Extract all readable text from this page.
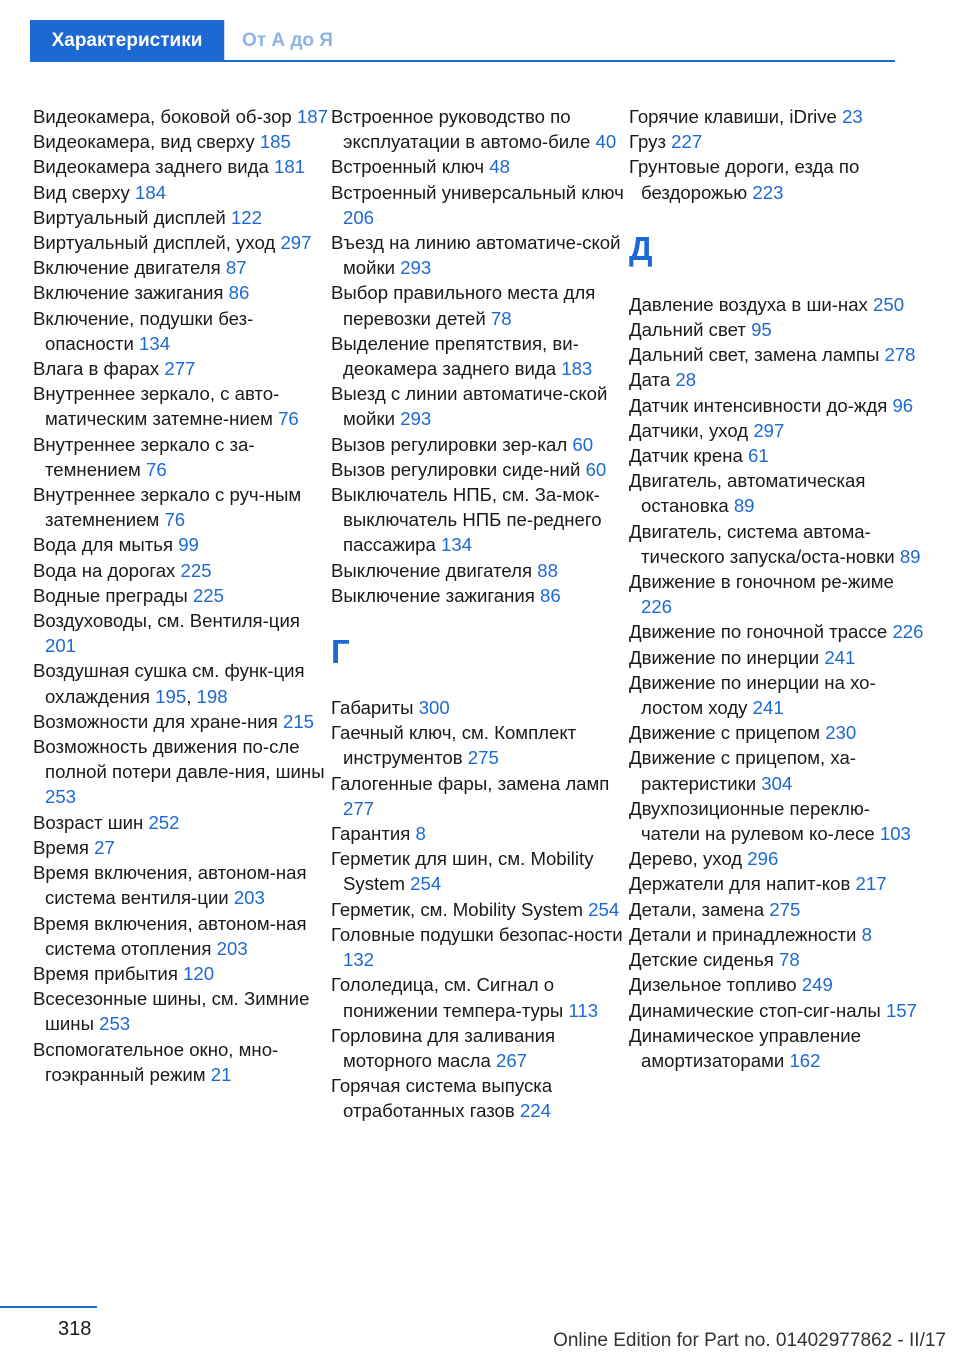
Характеристики	От А до Я
Видеокамера, боковой об-зор 187
Видеокамера, вид сверху 185
Видеокамера заднего вида 181
Вид сверху 184
Виртуальный дисплей 122
Виртуальный дисплей, уход 297
Включение двигателя 87
Включение зажигания 86
Включение, подушки без-опасности 134
Влага в фарах 277
Внутреннее зеркало, с авто-матическим затемне-нием 76
Внутреннее зеркало с за-темнением 76
Внутреннее зеркало с руч-ным затемнением 76
Вода для мытья 99
Вода на дорогах 225
Водные преграды 225
Воздуховоды, см. Вентиля-ция 201
Воздушная сушка см. функ-ция охлаждения 195, 198
Возможности для хране-ния 215
Возможность движения по-сле полной потери давле-ния, шины 253
Возраст шин 252
Время 27
Время включения, автоном-ная система вентиля-ции 203
Время включения, автоном-ная система отопления 203
Время прибытия 120
Всесезонные шины, см. Зимние шины 253
Вспомогательное окно, мно-гоэкранный режим 21
Встроенное руководство по эксплуатации в автомо-биле 40
Встроенный ключ 48
Встроенный универсальный ключ 206
Въезд на линию автоматиче-ской мойки 293
Выбор правильного места для перевозки детей 78
Выделение препятствия, ви-деокамера заднего вида 183
Выезд с линии автоматиче-ской мойки 293
Вызов регулировки зер-кал 60
Вызов регулировки сиде-ний 60
Выключатель НПБ, см. За-мок-выключатель НПБ пе-реднего пассажира 134
Выключение двигателя 88
Выключение зажигания 86
Г
Габариты 300
Гаечный ключ, см. Комплект инструментов 275
Галогенные фары, замена ламп 277
Гарантия 8
Герметик для шин, см. Mobility System 254
Герметик, см. Mobility System 254
Головные подушки безопас-ности 132
Гололедица, см. Сигнал о понижении темпера-туры 113
Горловина для заливания моторного масла 267
Горячая система выпуска отработанных газов 224
Горячие клавиши, iDrive 23
Груз 227
Грунтовые дороги, езда по бездорожью 223
Д
Давление воздуха в ши-нах 250
Дальний свет 95
Дальний свет, замена лампы 278
Дата 28
Датчик интенсивности до-ждя 96
Датчики, уход 297
Датчик крена 61
Двигатель, автоматическая остановка 89
Двигатель, система автома-тического запуска/оста-новки 89
Движение в гоночном ре-жиме 226
Движение по гоночной трассе 226
Движение по инерции 241
Движение по инерции на хо-лостом ходу 241
Движение с прицепом 230
Движение с прицепом, ха-рактеристики 304
Двухпозиционные переклю-чатели на рулевом ко-лесе 103
Дерево, уход 296
Держатели для напит-ков 217
Детали, замена 275
Детали и принадлежности 8
Детские сиденья 78
Дизельное топливо 249
Динамические стоп-сиг-налы 157
Динамическое управление амортизаторами 162
318
Online Edition for Part no. 01402977862 - II/17
